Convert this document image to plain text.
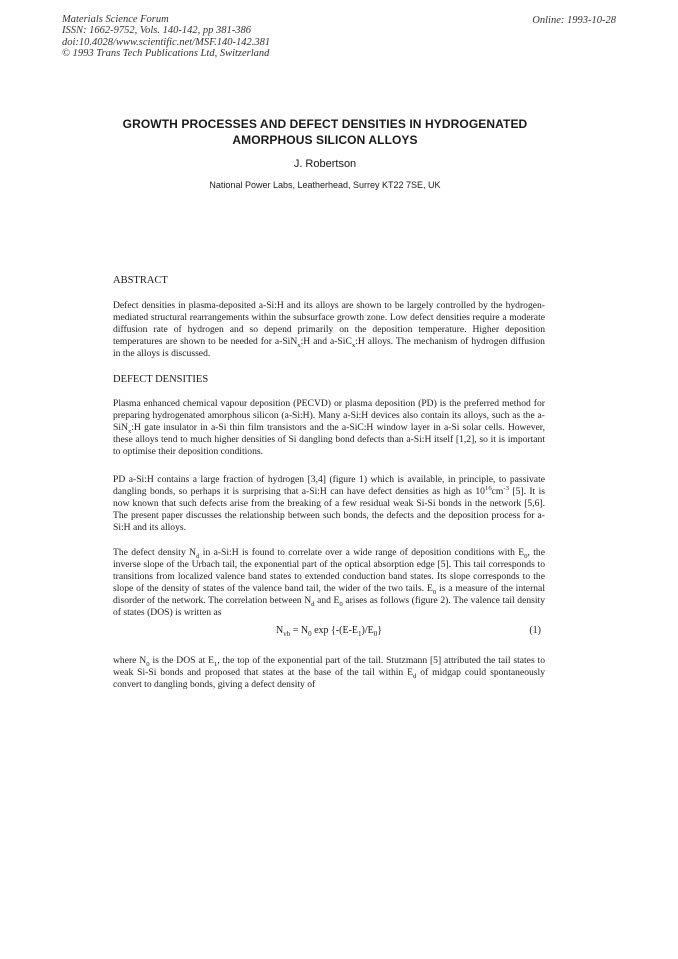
Materials Science Forum
ISSN: 1662-9752, Vols. 140-142, pp 381-386
doi:10.4028/www.scientific.net/MSF.140-142.381
© 1993 Trans Tech Publications Ltd, Switzerland
Online: 1993-10-28
GROWTH PROCESSES AND DEFECT DENSITIES IN HYDROGENATED
AMORPHOUS SILICON ALLOYS
J. Robertson
National Power Labs, Leatherhead, Surrey KT22 7SE, UK
ABSTRACT
Defect densities in plasma-deposited a-Si:H and its alloys are shown to be largely controlled by the hydrogen-mediated structural rearrangements within the subsurface growth zone. Low defect densities require a moderate diffusion rate of hydrogen and so depend primarily on the deposition temperature. Higher deposition temperatures are shown to be needed for a-SiN$_x$:H and a-SiC$_x$:H alloys. The mechanism of hydrogen diffusion in the alloys is discussed.
DEFECT DENSITIES
Plasma enhanced chemical vapour deposition (PECVD) or plasma deposition (PD) is the preferred method for preparing hydrogenated amorphous silicon (a-Si:H). Many a-Si:H devices also contain its alloys, such as the a-SiN$_x$:H gate insulator in a-Si thin film transistors and the a-SiC:H window layer in a-Si solar cells. However, these alloys tend to much higher densities of Si dangling bond defects than a-Si:H itself [1,2], so it is important to optimise their deposition conditions.
PD a-Si:H contains a large fraction of hydrogen [3,4] (figure 1) which is available, in principle, to passivate dangling bonds, so perhaps it is surprising that a-Si:H can have defect densities as high as $10^{16}cm^{-3}$ [5]. It is now known that such defects arise from the breaking of a few residual weak Si-Si bonds in the network [5,6]. The present paper discusses the relationship between such bonds, the defects and the deposition process for a-Si:H and its alloys.
The defect density $N_d$ in a-Si:H is found to correlate over a wide range of deposition conditions with $E_0$, the inverse slope of the Urbach tail, the exponential part of the optical absorption edge [5]. This tail corresponds to transitions from localized valence band states to extended conduction band states. Its slope corresponds to the slope of the density of states of the valence band tail, the wider of the two tails. $E_0$ is a measure of the internal disorder of the network. The correlation between $N_d$ and $E_0$ arises as follows (figure 2). The valence tail density of states (DOS) is written as
$N_{vb} = N_0$ $\exp \{-(E-E_1)/E_0\}$	(1)
where $N_0$ is the DOS at $E_1$, the top of the exponential part of the tail. Stutzmann [5] attributed the tail states to weak Si-Si bonds and proposed that states at the base of the tail within $E_d$ of midgap could spontaneously convert to dangling bonds, giving a defect density of
